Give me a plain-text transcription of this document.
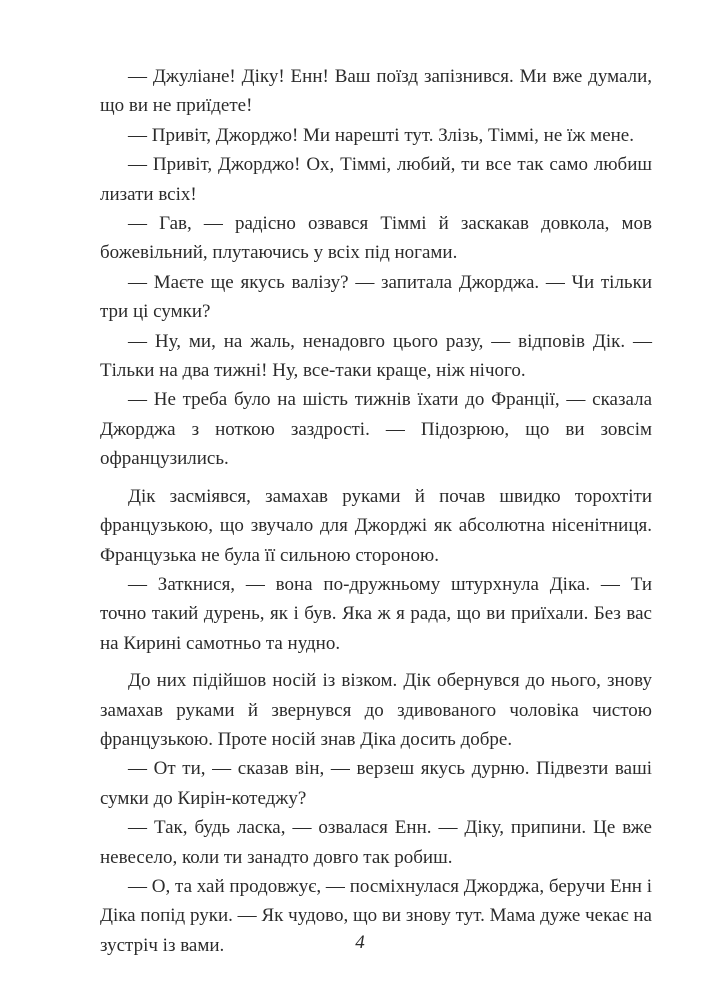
— Джуліане! Діку! Енн! Ваш поїзд запізнився. Ми вже думали, що ви не приїдете!

— Привіт, Джорджо! Ми нарешті тут. Злізь, Тіммі, не їж мене.

— Привіт, Джорджо! Ох, Тіммі, любий, ти все так само любиш лизати всіх!

— Гав, — радісно озвався Тіммі й заскакав довкола, мов божевільний, плутаючись у всіх під ногами.

— Маєте ще якусь валізу? — запитала Джорджа. — Чи тільки три ці сумки?

— Ну, ми, на жаль, ненадовго цього разу, — відповів Дік. — Тільки на два тижні! Ну, все-таки краще, ніж нічого.

— Не треба було на шість тижнів їхати до Франції, — сказала Джорджа з ноткою заздрості. — Підозрюю, що ви зовсім офранцузились.

Дік засміявся, замахав руками й почав швидко торохтіти французькою, що звучало для Джорджі як абсолютна нісенітниця. Французька не була її сильною стороною.

— Заткнися, — вона по-дружньому штурхнула Діка. — Ти точно такий дурень, як і був. Яка ж я рада, що ви приїхали. Без вас на Кирині самотньо та нудно.

До них підійшов носій із візком. Дік обернувся до нього, знову замахав руками й звернувся до здивованого чоловіка чистою французькою. Проте носій знав Діка досить добре.

— От ти, — сказав він, — верзеш якусь дурню. Підвезти ваші сумки до Кирін-котеджу?

— Так, будь ласка, — озвалася Енн. — Діку, припини. Це вже невесело, коли ти занадто довго так робиш.

— О, та хай продовжує, — посміхнулася Джорджа, беручи Енн і Діка попід руки. — Як чудово, що ви знову тут. Мама дуже чекає на зустріч із вами.	4
